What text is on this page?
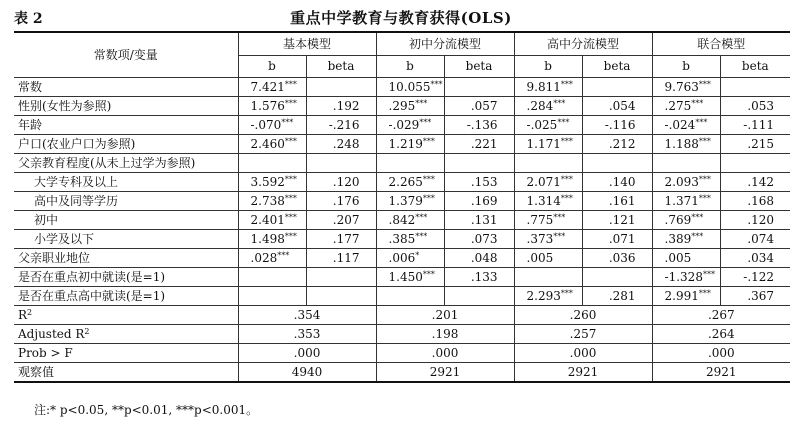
表 2	重点中学教育与教育获得(OLS)
常数项/变量	基本模型		初中分流模型		高中分流模型		联合模型	
	b	beta	b	beta	b	beta	b	beta
常数	7.421***		10.055***		9.811***		9.763***	
性别(女性为参照)	1.576***	.192	.295***	.057	.284***	.054	.275***	.053
年龄	-.070***	-.216	-.029***	-.136	-.025***	-.116	-.024***	-.111
户口(农业户口为参照)	2.460***	.248	1.219***	.221	1.171***	.212	1.188***	.215
父亲教育程度(从未上过学为参照)								
大学专科及以上	3.592***	.120	2.265***	.153	2.071***	.140	2.093***	.142
高中及同等学历	2.738***	.176	1.379***	.169	1.314***	.161	1.371***	.168
初中	2.401***	.207	.842***	.131	.775***	.121	.769***	.120
小学及以下	1.498***	.177	.385***	.073	.373***	.071	.389***	.074
父亲职业地位	.028***	.117	.006*	.048	.005	.036	.005	.034
是否在重点初中就读(是=1)			1.450***	.133			-1.328***	-.122
是否在重点高中就读(是=1)					2.293***	.281	2.991***	.367
$R^2$	.354		.201		.260		.267	
Adjusted $R^2$	.353		.198		.257		.264	
Prob > F	.000		.000		.000		.000	
观察值	4940		2921		2921		2921	
注:* p<0.05, **p<0.01, ***p<0.001。
